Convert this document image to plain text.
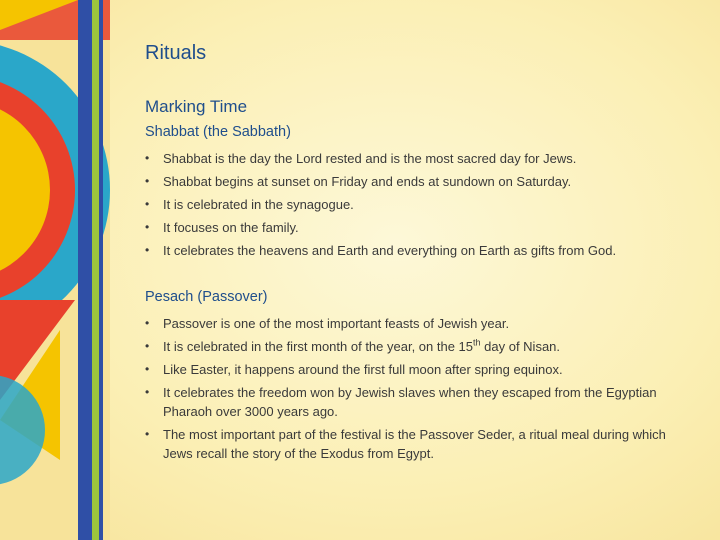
Rituals
Marking Time
Shabbat (the Sabbath)
• Shabbat is the day the Lord rested and is the most sacred day for Jews.
• Shabbat begins at sunset on Friday and ends at sundown on Saturday.
• It is celebrated in the synagogue.
• It focuses on the family.
• It celebrates the heavens and Earth and everything on Earth as gifts from God.
Pesach (Passover)
• Passover is one of the most important feasts of Jewish year.
• It is celebrated in the first month of the year, on the 15th day of Nisan.
• Like Easter, it happens around the first full moon after spring equinox.
• It celebrates the freedom won by Jewish slaves when they escaped from the Egyptian Pharaoh over 3000 years ago.
• The most important part of the festival is the Passover Seder, a ritual meal during which Jews recall the story of the Exodus from Egypt.
